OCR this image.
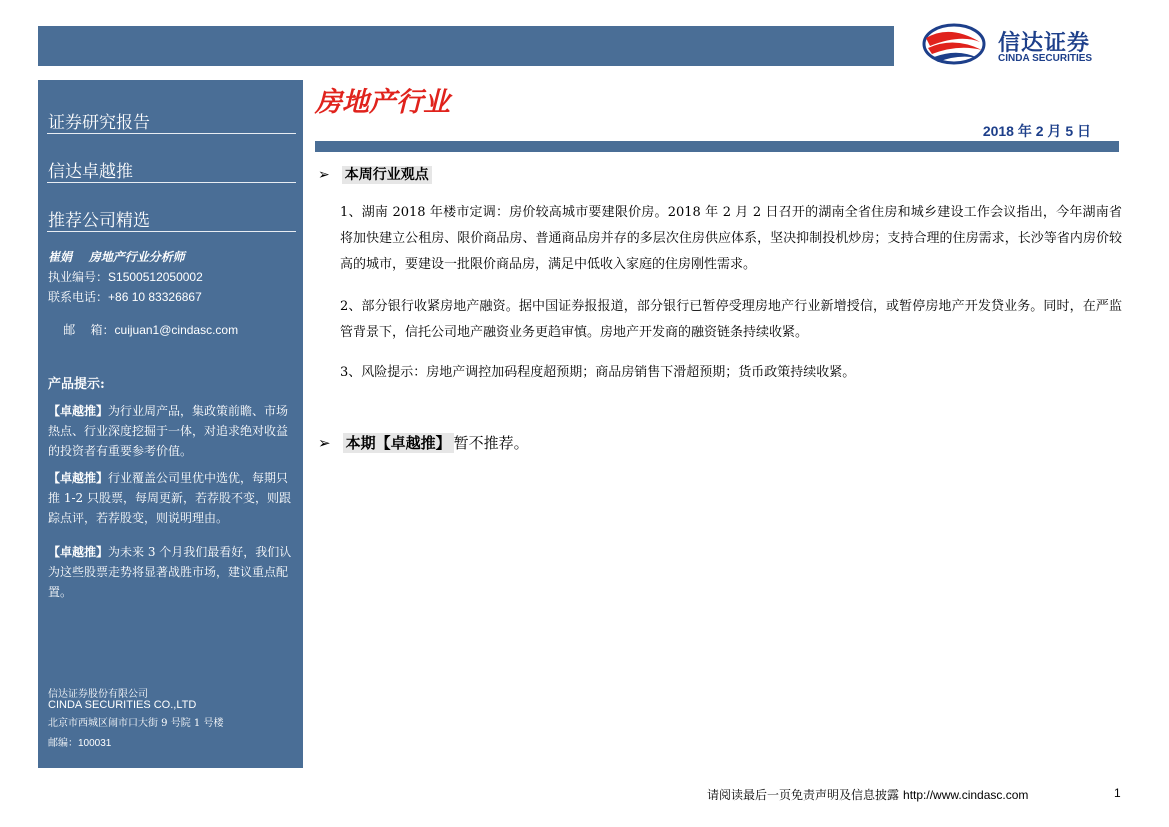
信达证券
CINDA SECURITIES
证券研究报告
信达卓越推
推荐公司精选
崔娟 房地产行业分析师
执业编号：S1500512050002
联系电话：+86 10 83326867

邮    箱：cuijuan1@cindasc.com

产品提示:
【卓越推】为行业周产品，集政策前瞻、市场热点、行业深度挖掘于一体，对追求绝对收益的投资者有重要参考价值。
【卓越推】行业覆盖公司里优中选优，每期只推 1-2 只股票，每周更新，若荐股不变，则跟踪点评，若荐股变，则说明理由。
【卓越推】为未来 3 个月我们最看好，我们认为这些股票走势将显著战胜市场，建议重点配置。
信达证券股份有限公司
CINDA SECURITIES CO.,LTD
北京市西城区闹市口大街 9 号院 1 号楼
邮编：100031
房地产行业
2018 年 2 月 5 日
➢ 本周行业观点
1、湖南 2018 年楼市定调：房价较高城市要建限价房。2018 年 2 月 2 日召开的湖南全省住房和城乡建设工作会议指出，今年湖南省将加快建立公租房、限价商品房、普通商品房并存的多层次住房供应体系，坚决抑制投机炒房；支持合理的住房需求，长沙等省内房价较高的城市，要建设一批限价商品房，满足中低收入家庭的住房刚性需求。
2、部分银行收紧房地产融资。据中国证券报报道，部分银行已暂停受理房地产行业新增授信，或暂停房地产开发贷业务。同时，在严监管背景下，信托公司地产融资业务更趋审慎。房地产开发商的融资链条持续收紧。
3、风险提示：房地产调控加码程度超预期；商品房销售下滑超预期；货币政策持续收紧。
➢ 本期【卓越推】 暂不推荐。
请阅读最后一页免责声明及信息披露 http://www.cindasc.com	1
